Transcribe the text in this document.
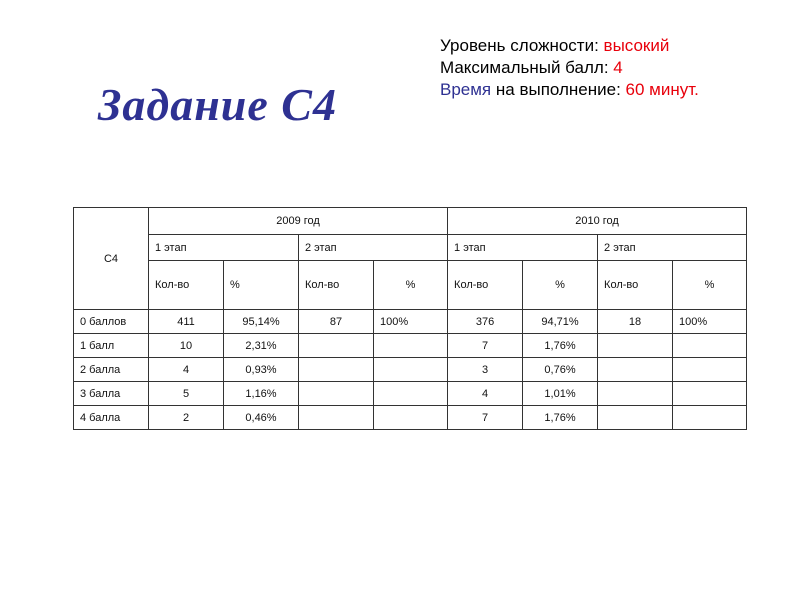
Задание С4
Уровень сложности: высокий
Максимальный балл: 4
Время на выполнение: 60 минут.
С4	2009 год				2010 год			
	1 этап		2 этап		1 этап		2 этап	
	Кол-во	%	Кол-во	%	Кол-во	%	Кол-во	%
0 баллов	411	95,14%	87	100%	376	94,71%	18	100%
1 балл	10	2,31%			7	1,76%		
2 балла	4	0,93%			3	0,76%		
3 балла	5	1,16%			4	1,01%		
4 балла	2	0,46%			7	1,76%		
